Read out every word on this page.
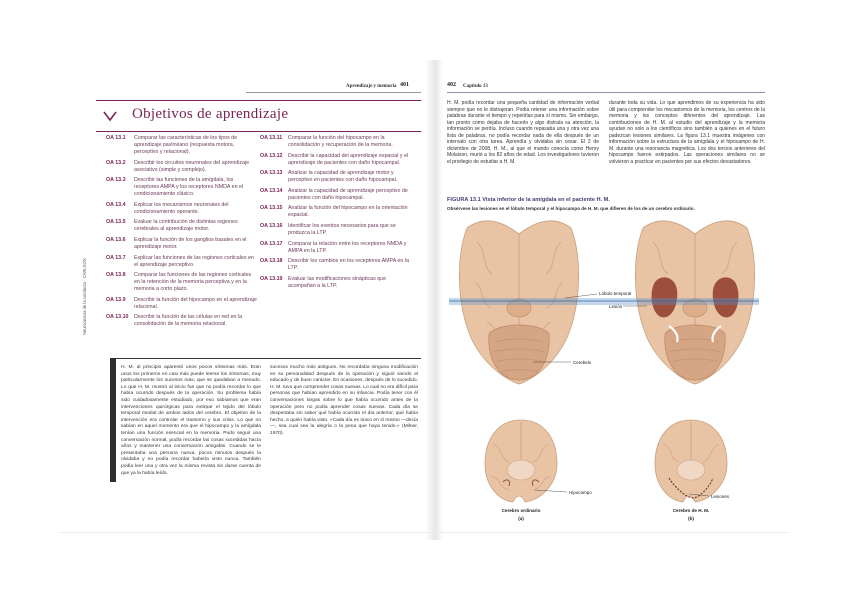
Aprendizaje y memoria 401
Objetivos de aprendizaje
OA 13.1	Comparar las características de los tipos de aprendizaje pavloviano (respuesta motora, perceptivo y relacional).
OA 13.2	Describir los circuitos neuronales del aprendizaje asociativo (simple y complejo).
OA 13.3	Describir las funciones de la amígdala, los receptores AMPA y los receptores NMDA en el condicionamiento clásico.
OA 13.4	Explicar los mecanismos neuronales del condicionamiento operante.
OA 13.5	Evaluar la contribución de distintas regiones cerebrales al aprendizaje motor.
OA 13.6	Explicar la función de los ganglios basales en el aprendizaje motor.
OA 13.7	Explicar las funciones de las regiones corticales en el aprendizaje perceptivo.
OA 13.8	Comparar las funciones de las regiones corticales en la retención de la memoria perceptiva y en la memoria a corto plazo.
OA 13.9	Describir la función del hipocampo en el aprendizaje relacional.
OA 13.10	Describir la función de las células en red en la consolidación de la memoria relacional.
OA 13.11	Comparar la función del hipocampo en la consolidación y recuperación de la memoria.
OA 13.12	Describir la capacidad del aprendizaje espacial y el aprendizaje de pacientes con daño hipocampal.
OA 13.13	Analizar la capacidad de aprendizaje motor y perceptivo en pacientes con daño hipocampal.
OA 13.14	Analizar la capacidad de aprendizaje perceptivo de pacientes con daño hipocampal.
OA 13.15	Analizar la función del hipocampo en la orientación espacial.
OA 13.16	Identificar los eventos necesarios para que se produzca la LTP.
OA 13.17	Comparar la relación entre los receptores NMDA y AMPA en la LTP.
OA 13.18	Describir los cambios en los receptores AMPA en la LTP.
OA 13.19	Evaluar las modificaciones sinápticas que acompañan a la LTP.
Neurociencia de la conducta · CARLSON
H. M. al principio aparentó unos pocos síntomas más. Eran unos los primeros en casi más puede leerse los síntomas, muy particularmente los sucesos más, que se quedaban a menudo. Lo que H. M. mostró al inicio fue que no podía recordar lo que había ocurrido después de la operación. Su problema había sido cuidadosamente estudiado, por eso sabíamos que eran intervenciones quirúrgicas para extirpar el tejido del lóbulo temporal medial de ambos lados del cerebro. El objetivo de la intervención era controlar el trastorno y sus crisis. Lo que no sabían en aquel momento era que el hipocampo y la amígdala tenían una función esencial en la memoria. Pudo seguir una conversación normal, podía recordar las cosas sucedidas hacía años y mantener una conversación amigable. Cuando se le presentaba una persona nueva, pocos minutos después la olvidaba y no podía recordar haberla visto nunca. También podía leer una y otra vez la misma revista sin darse cuenta de que ya la había leído.
sucesos mucho más antiguos. No recordaba ninguna modificación en su personalidad después de la operación y siguió siendo el educado y de buen carácter. En ocasiones, después de lo sucedido, H. M. tuvo que comprender cosas nuevas. Lo cual no era difícil para personas que habían aprendido en su infancia. Podía tener con él conversaciones largas sobre lo que había ocurrido antes de la operación pero no podía aprender cosas nuevas. Cada día se despertaba sin saber qué había ocurrido el día anterior, qué había hecho, a quién había visto. «Cada día es único en sí mismo —decía—, sea cual sea la alegría o la pena que haya tenido.» (Milner, 1970).
402 Capítulo 13
H. M. podía recordar una pequeña cantidad de información verbal siempre que no le distrajeran. Podía retener una información sobre palabras durante el tiempo y repetirlas para sí mismo. Sin embargo, tan pronto como dejaba de hacerlo y algo distraía su atención, la información se perdía. Incluso cuando repasaba una y otra vez una lista de palabras, no podía recordar nada de ella después de un intervalo con otra tarea. Aprendía y olvidaba sin cesar. El 2 de diciembre de 2008, H. M., al que el mundo conocía como Henry Molaison, murió a los 82 años de edad. Los investigadores tuvieron el privilegio de estudiar a H. M.
durante toda su vida. Lo que aprendimos de su experiencia ha sido útil para comprender los mecanismos de la memoria, los centros de la memoria y los conceptos diferentes del aprendizaje. Las contribuciones de H. M. al estudio del aprendizaje y la memoria ayudan no solo a los científicos sino también a quienes en el futuro padezcan lesiones similares. La figura 13.1 muestra imágenes con información sobre la estructura de la amígdala y el hipocampo de H. M. durante una resonancia magnética. Los dos tercios anteriores del hipocampo fueron extirpados. Las operaciones similares no se volvieron a practicar en pacientes por sus efectos devastadores.
FIGURA 13.1 Vista inferior de la amígdala en el paciente H. M.
Obsérvese las lesiones en el lóbulo temporal y el hipocampo de H. M. que difieren de los de un cerebro ordinario.
Lóbulo temporal
Lesión
Cerebelo
Hipocampo
Lesiones
Cerebro ordinario
(a)
Cerebro de H. M.
(b)
